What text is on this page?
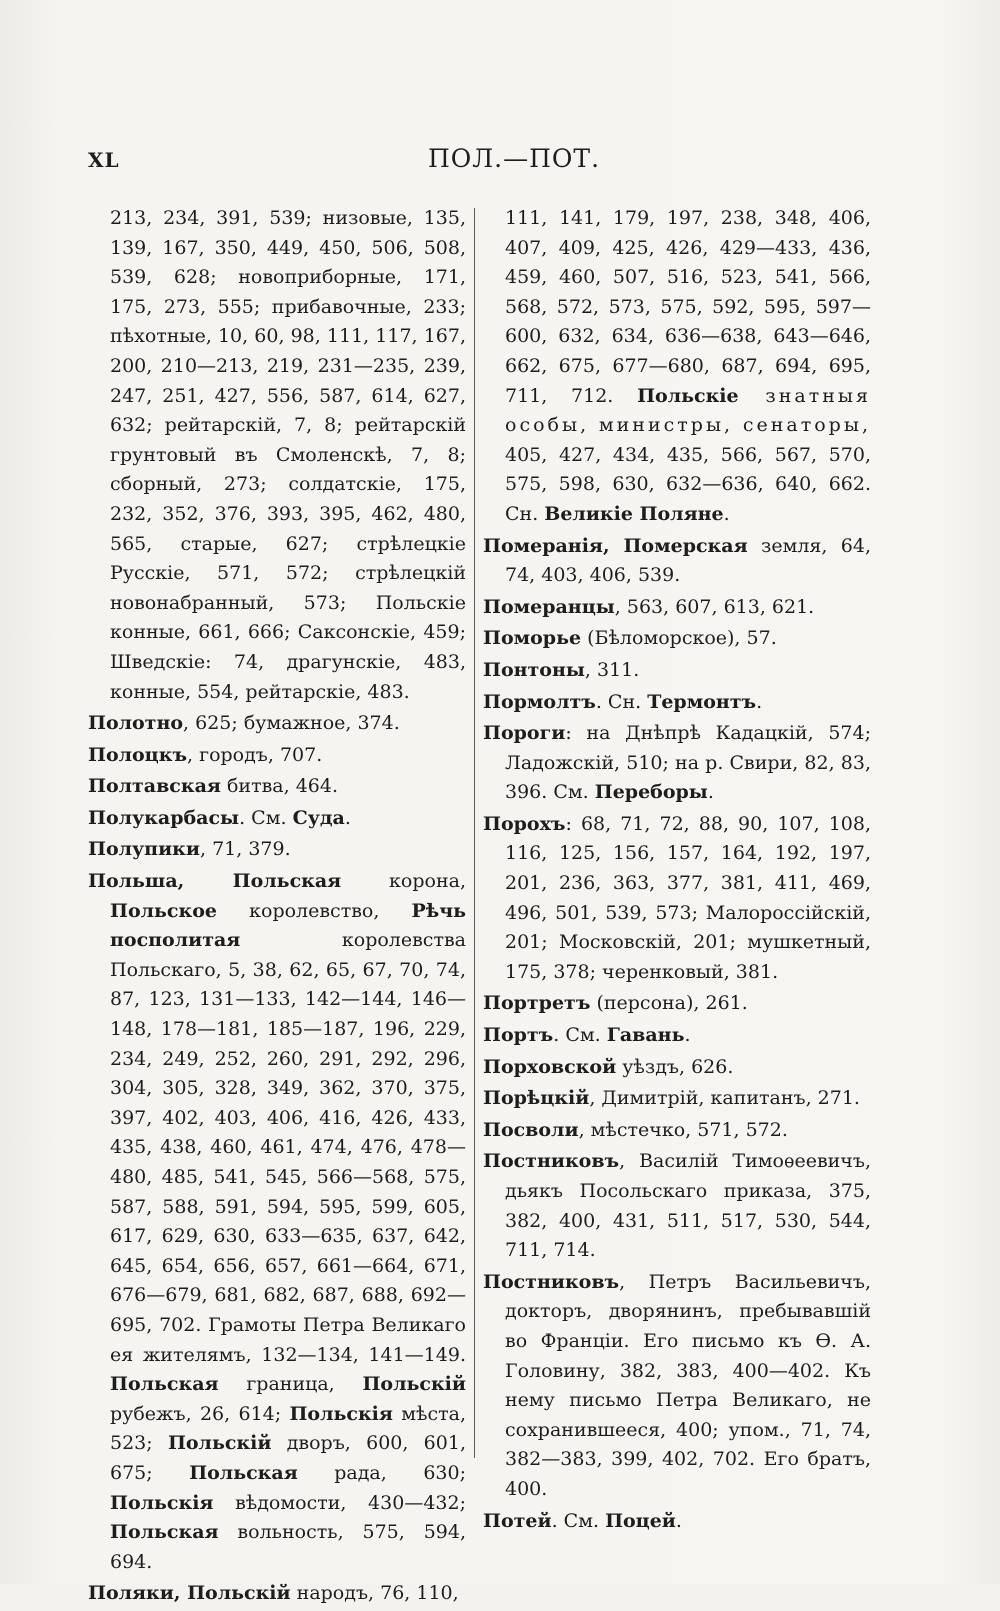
XL	ПОЛ.—ПОТ.

213, 234, 391, 539; низовые, 135, 139, 167, 350, 449, 450, 506, 508, 539, 628; новоприборные, 171, 175, 273, 555; прибавочные, 233; пѣхотные, 10, 60, 98, 111, 117, 167, 200, 210—213, 219, 231—235, 239, 247, 251, 427, 556, 587, 614, 627, 632; рейтарскій, 7, 8; рейтарскій грунтовый въ Смоленскѣ, 7, 8; сборный, 273; солдатскіе, 175, 232, 352, 376, 393, 395, 462, 480, 565, старые, 627; стрѣлецкіе Русскіе, 571, 572; стрѣлецкій новонабранный, 573; Польскіе конные, 661, 666; Саксонскіе, 459; Шведскіе: 74, драгунскіе, 483, конные, 554, рейтарскіе, 483.

Полотно, 625; бумажное, 374.

Полоцкъ, городъ, 707.

Полтавская битва, 464.

Полукарбасы. См. Суда.

Полупики, 71, 379.

Польша, Польская корона, Польское королевство, Рѣчь посполитая королевства Польскаго, 5, 38, 62, 65, 67, 70, 74, 87, 123, 131—133, 142—144, 146—148, 178—181, 185—187, 196, 229, 234, 249, 252, 260, 291, 292, 296, 304, 305, 328, 349, 362, 370, 375, 397, 402, 403, 406, 416, 426, 433, 435, 438, 460, 461, 474, 476, 478—480, 485, 541, 545, 566—568, 575, 587, 588, 591, 594, 595, 599, 605, 617, 629, 630, 633—635, 637, 642, 645, 654, 656, 657, 661—664, 671, 676—679, 681, 682, 687, 688, 692—695, 702. Грамоты Петра Великаго ея жителямъ, 132—134, 141—149. Польская граница, Польскій рубежъ, 26, 614; Польскія мѣста, 523; Польскій дворъ, 600, 601, 675; Польская рада, 630; Польскія вѣдомости, 430—432; Польская вольность, 575, 594, 694.

Поляки, Польскій народъ, 76, 110,

111, 141, 179, 197, 238, 348, 406, 407, 409, 425, 426, 429—433, 436, 459, 460, 507, 516, 523, 541, 566, 568, 572, 573, 575, 592, 595, 597—600, 632, 634, 636—638, 643—646, 662, 675, 677—680, 687, 694, 695, 711, 712. Польскіе знатныя особы, министры, сенаторы, 405, 427, 434, 435, 566, 567, 570, 575, 598, 630, 632—636, 640, 662. Сн. Великіе Поляне.

Померанія, Померская земля, 64, 74, 403, 406, 539.

Померанцы, 563, 607, 613, 621.

Поморье (Бѣломорское), 57.

Понтоны, 311.

Пормолтъ. Сн. Термонтъ.

Пороги: на Днѣпрѣ Кадацкій, 574; Ладожскій, 510; на р. Свири, 82, 83, 396. См. Переборы.

Порохъ: 68, 71, 72, 88, 90, 107, 108, 116, 125, 156, 157, 164, 192, 197, 201, 236, 363, 377, 381, 411, 469, 496, 501, 539, 573; Малороссійскій, 201; Московскій, 201; мушкетный, 175, 378; черенковый, 381.

Портретъ (персона), 261.

Портъ. См. Гавань.

Порховской уѣздъ, 626.

Порѣцкій, Димитрій, капитанъ, 271.

Посволи, мѣстечко, 571, 572.

Постниковъ, Василій Тимоѳеевичъ, дьякъ Посольскаго приказа, 375, 382, 400, 431, 511, 517, 530, 544, 711, 714.

Постниковъ, Петръ Васильевичъ, докторъ, дворянинъ, пребывавшій во Франціи. Его письмо къ Ѳ. А. Головину, 382, 383, 400—402. Къ нему письмо Петра Великаго, не сохранившееся, 400; упом., 71, 74, 382—383, 399, 402, 702. Его братъ, 400.

Потей. См. Поцей.
